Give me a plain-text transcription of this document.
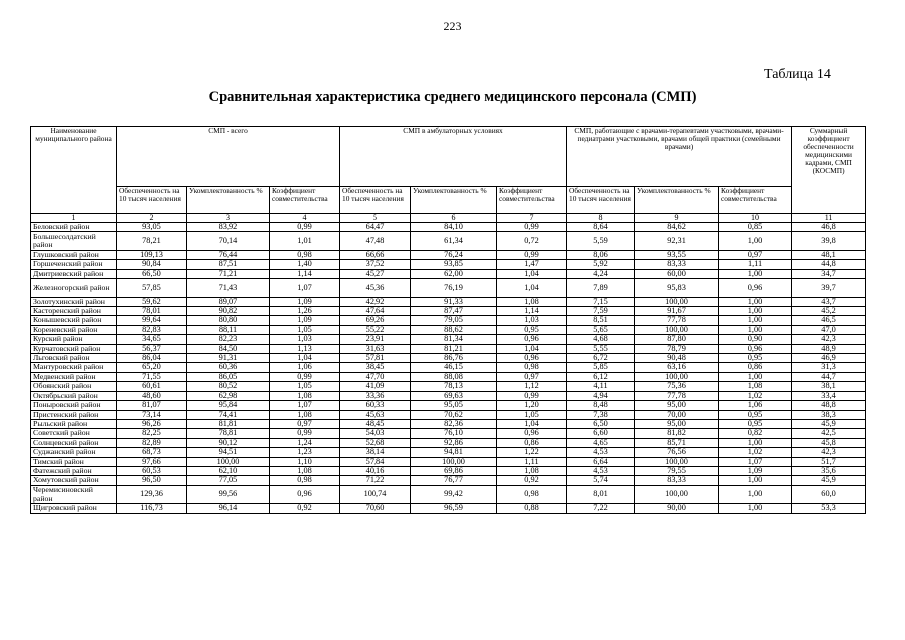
223
Таблица 14
Сравнительная характеристика среднего медицинского персонала (СМП)
Наименование муниципального района	СМП - всего			СМП в амбулаторных условиях			СМП, работающие с врачами-терапевтами участковыми, врачами-педиатрами участковыми, врачами общей практики (семейными врачами)			Суммарный коэффициент обеспеченности медицинскими кадрами, СМП (КОСМП)
	Обеспеченность на 10 тысяч населения	Укомплектованность %	Коэффициент совместительства	Обеспеченность на 10 тысяч населения	Укомплектованность %	Коэффициент совместительства	Обеспеченность на 10 тысяч населения	Укомплектованность %	Коэффициент совместительства	
1	2	3	4	5	6	7	8	9	10	11
Беловский район	93,05	83,92	0,99	64,47	84,10	0,99	8,64	84,62	0,85	46,8
Большесолдатский район	78,21	70,14	1,01	47,48	61,34	0,72	5,59	92,31	1,00	39,8
Глушковский район	109,13	76,44	0,98	66,66	76,24	0,99	8,06	93,55	0,97	48,1
Горшеченский район	90,84	87,51	1,40	37,52	93,85	1,47	5,92	83,33	1,11	44,8
Дмитриевский район	66,50	71,21	1,14	45,27	62,00	1,04	4,24	60,00	1,00	34,7
Железногорский район	57,85	71,43	1,07	45,36	76,19	1,04	7,89	95,83	0,96	39,7
Золотухинский район	59,62	89,07	1,09	42,92	91,33	1,08	7,15	100,00	1,00	43,7
Касторенский район	78,01	90,82	1,26	47,64	87,47	1,14	7,59	91,67	1,00	45,2
Конышевский район	99,64	80,80	1,09	69,26	79,05	1,03	8,51	77,78	1,00	46,5
Кореневский район	82,83	88,11	1,05	55,22	88,62	0,95	5,65	100,00	1,00	47,0
Курский район	34,65	82,23	1,03	23,91	81,34	0,96	4,68	87,80	0,90	42,3
Курчатовский район	56,37	84,50	1,13	31,63	81,21	1,04	5,55	78,79	0,96	48,9
Льговский район	86,04	91,31	1,04	57,81	86,76	0,96	6,72	90,48	0,95	46,9
Мантуровский район	65,20	60,36	1,06	38,45	46,15	0,98	5,85	63,16	0,86	31,3
Медвенский район	71,55	86,05	0,99	47,70	88,08	0,97	6,12	100,00	1,00	44,7
Обоянский район	60,61	80,52	1,05	41,09	78,13	1,12	4,11	75,36	1,08	38,1
Октябрьский район	48,60	62,98	1,08	33,36	69,63	0,99	4,94	77,78	1,02	33,4
Поныровский район	81,07	95,84	1,07	60,33	95,05	1,20	8,48	95,00	1,06	48,8
Пристенский район	73,14	74,41	1,08	45,63	70,62	1,05	7,38	70,00	0,95	38,3
Рыльский район	96,26	81,81	0,97	48,45	82,36	1,04	6,50	95,00	0,95	45,9
Советский район	82,25	78,81	0,99	54,03	76,10	0,96	6,60	81,82	0,82	42,5
Солнцевский район	82,89	90,12	1,24	52,68	92,86	0,86	4,65	85,71	1,00	45,8
Суджанский район	68,73	94,51	1,23	38,14	94,81	1,22	4,53	76,56	1,02	42,3
Тимский район	97,66	100,00	1,10	57,84	100,00	1,11	6,64	100,00	1,07	51,7
Фатежский район	60,53	62,10	1,08	40,16	69,86	1,08	4,53	79,55	1,09	35,6
Хомутовский район	96,50	77,05	0,98	71,22	76,77	0,92	5,74	83,33	1,00	45,9
Черемисиновский район	129,36	99,56	0,96	100,74	99,42	0,98	8,01	100,00	1,00	60,0
Щигровский район	116,73	96,14	0,92	70,60	96,59	0,88	7,22	90,00	1,00	53,3
